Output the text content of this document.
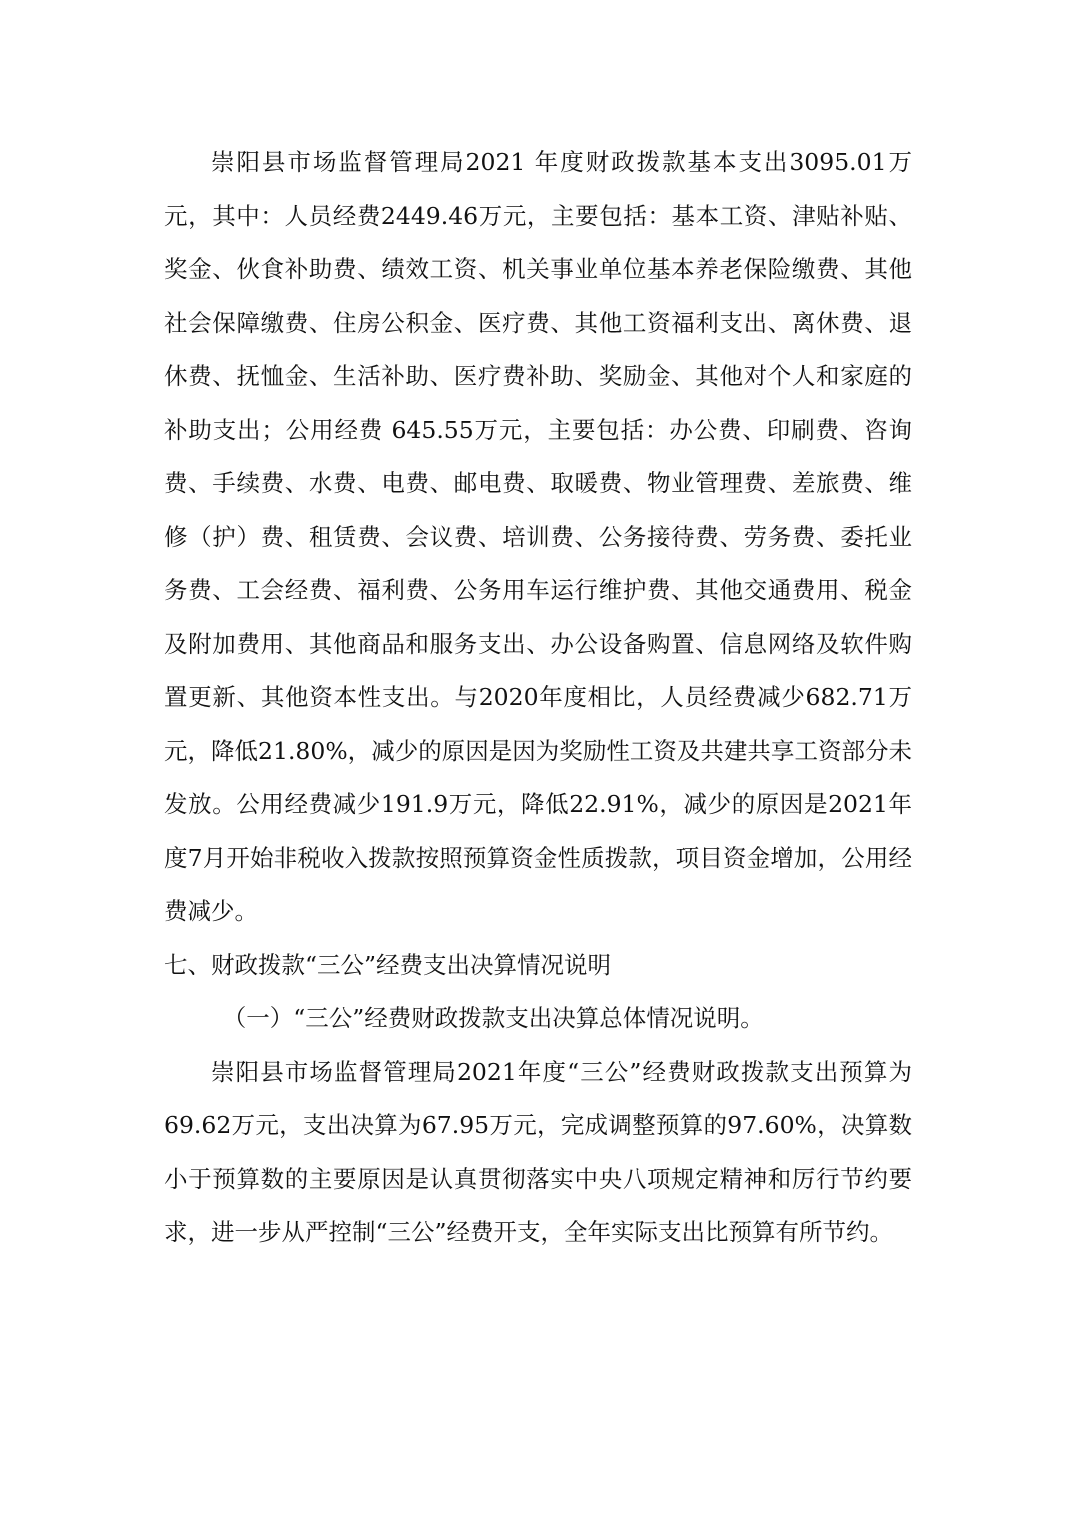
崇阳县市场监督管理局2021 年度财政拨款基本支出3095.01万元，其中：人员经费2449.46万元，主要包括：基本工资、津贴补贴、奖金、伙食补助费、绩效工资、机关事业单位基本养老保险缴费、其他社会保障缴费、住房公积金、医疗费、其他工资福利支出、离休费、退休费、抚恤金、生活补助、医疗费补助、奖励金、其他对个人和家庭的补助支出；公用经费 645.55万元，主要包括：办公费、印刷费、咨询费、手续费、水费、电费、邮电费、取暖费、物业管理费、差旅费、维修（护）费、租赁费、会议费、培训费、公务接待费、劳务费、委托业务费、工会经费、福利费、公务用车运行维护费、其他交通费用、税金及附加费用、其他商品和服务支出、办公设备购置、信息网络及软件购置更新、其他资本性支出。与2020年度相比，人员经费减少682.71万元，降低21.80%，减少的原因是因为奖励性工资及共建共享工资部分未发放。公用经费减少191.9万元，降低22.91%，减少的原因是2021年度7月开始非税收入拨款按照预算资金性质拨款，项目资金增加，公用经费减少。

七、财政拨款“三公”经费支出决算情况说明

（一）“三公”经费财政拨款支出决算总体情况说明。

崇阳县市场监督管理局2021年度“三公”经费财政拨款支出预算为69.62万元，支出决算为67.95万元，完成调整预算的97.60%，决算数小于预算数的主要原因是认真贯彻落实中央八项规定精神和厉行节约要求，进一步从严控制“三公”经费开支，全年实际支出比预算有所节约。
